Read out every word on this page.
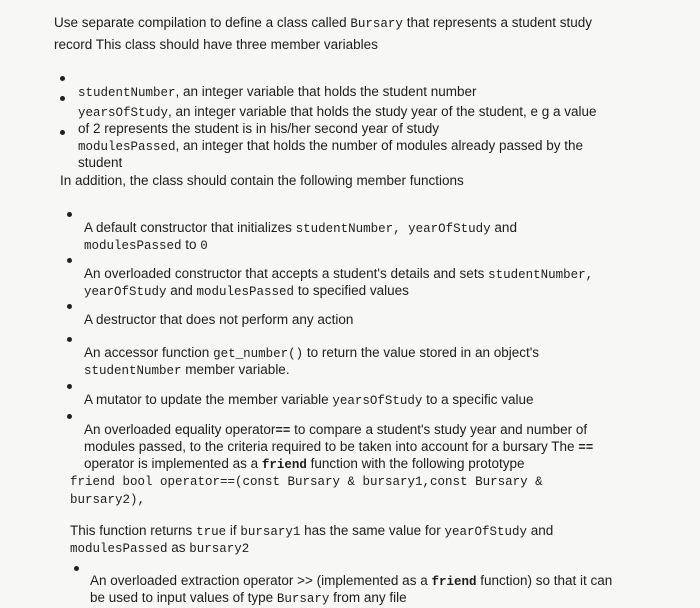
Use separate compilation to define a class called Bursary that represents a student study

record This class should have three member variables

studentNumber, an integer variable that holds the student number

yearsOfStudy, an integer variable that holds the study year of the student, e g a value

of 2 represents the student is in his/her second year of study

modulesPassed, an integer that holds the number of modules already passed by the

student

In addition, the class should contain the following member functions

A default constructor that initializes studentNumber, yearOfStudy and

modulesPassed to 0

An overloaded constructor that accepts a student's details and sets studentNumber,

yearOfStudy and modulesPassed to specified values

A destructor that does not perform any action

An accessor function get_number() to return the value stored in an object's

studentNumber member variable.

A mutator to update the member variable yearsOfStudy to a specific value

An overloaded equality operator== to compare a student's study year and number of

modules passed, to the criteria required to be taken into account for a bursary The ==

operator is implemented as a friend function with the following prototype

friend bool operator==(const Bursary & bursary1,const Bursary &

bursary2),

This function returns true if bursary1 has the same value for yearOfStudy and

modulesPassed as bursary2

An overloaded extraction operator >> (implemented as a friend function) so that it can

be used to input values of type Bursary from any file
